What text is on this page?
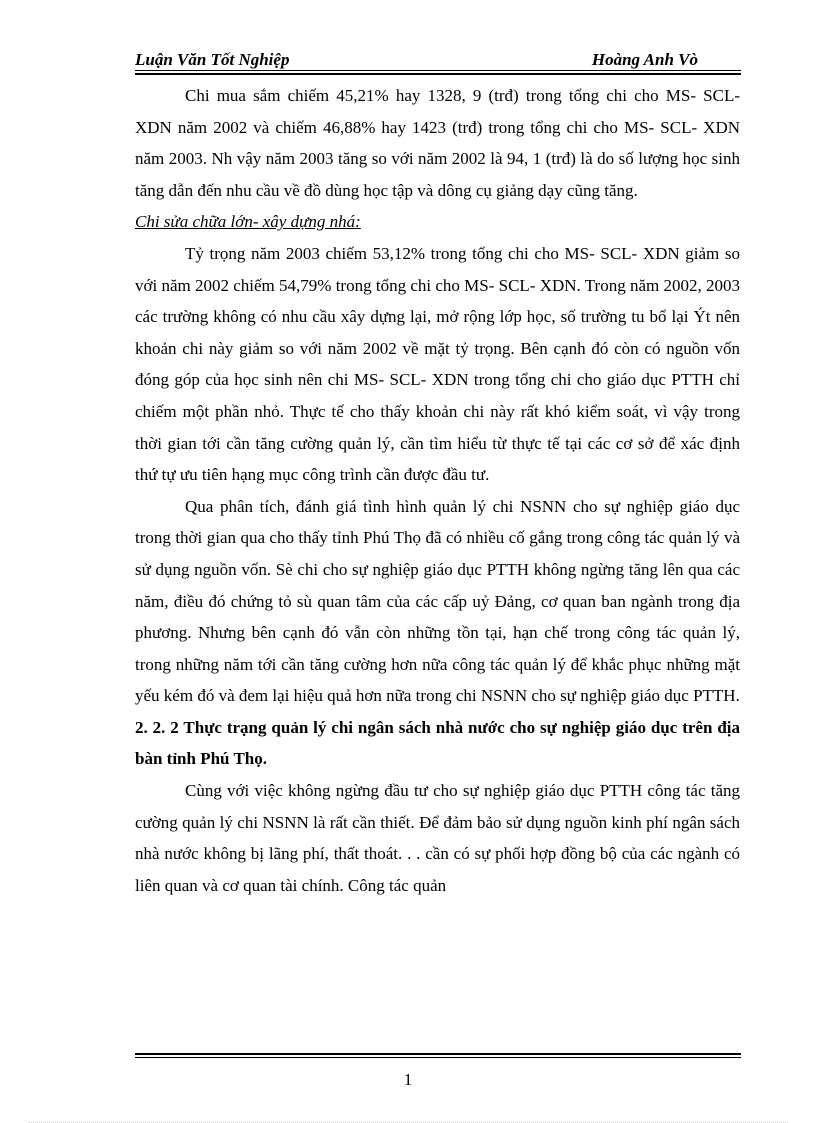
Luận Văn Tốt Nghiệp	Hoàng Anh Vò

Chi mua sắm chiếm 45,21% hay 1328, 9 (trđ) trong tổng chi cho MS- SCL- XDN năm 2002 và chiếm 46,88% hay 1423 (trđ) trong tổng chi cho MS- SCL- XDN năm 2003. Nh vậy năm 2003 tăng so với năm 2002 là 94, 1 (trđ) là do số lượng học sinh tăng dẫn đến nhu cầu về đồ dùng học tập và dông cụ giảng dạy cũng tăng.

Chi sửa chữa lớn- xây dựng nhá:

Tỷ trọng năm 2003 chiếm 53,12% trong tổng chi cho MS- SCL- XDN giảm so với năm 2002 chiếm 54,79% trong tổng chi cho MS- SCL- XDN. Trong năm 2002, 2003 các trường không có nhu cầu xây dựng lại, mở rộng lớp học, số trường tu bổ lại Ýt nên khoản chi này giảm so với năm 2002 về mặt tỷ trọng. Bên cạnh đó còn có nguồn vốn đóng góp của học sinh nên chi MS- SCL- XDN trong tổng chi cho giáo dục PTTH chỉ chiếm một phần nhỏ. Thực tế cho thấy khoản chi này rất khó kiểm soát, vì vậy trong thời gian tới cần tăng cường quản lý, cần tìm hiểu từ thực tế tại các cơ sở để xác định thứ tự ưu tiên hạng mục công trình cần được đầu tư.

Qua phân tích, đánh giá tình hình quản lý chi NSNN cho sự nghiệp giáo dục trong thời gian qua cho thấy tỉnh Phú Thọ đã có nhiều cố gắng trong công tác quản lý và sử dụng nguồn vốn. Sè chi cho sự nghiệp giáo dục PTTH không ngừng tăng lên qua các năm, điều đó chứng tỏ sù quan tâm của các cấp uỷ Đảng, cơ quan ban ngành trong địa phương. Nhưng bên cạnh đó vẫn còn những tồn tại, hạn chế trong công tác quản lý, trong những năm tới cần tăng cường hơn nữa công tác quản lý để khắc phục những mặt yếu kém đó và đem lại hiệu quả hơn nữa trong chi NSNN cho sự nghiệp giáo dục PTTH.

2. 2. 2 Thực trạng quản lý chi ngân sách nhà nước cho sự nghiệp giáo dục trên địa bàn tỉnh Phú Thọ.

Cùng với việc không ngừng đầu tư cho sự nghiệp giáo dục PTTH công tác tăng cường quản lý chi NSNN là rất cần thiết. Để đảm bảo sử dụng nguồn kinh phí ngân sách nhà nước không bị lãng phí, thất thoát. . . cần có sự phối hợp đồng bộ của các ngành có liên quan và cơ quan tài chính. Công tác quản

1
